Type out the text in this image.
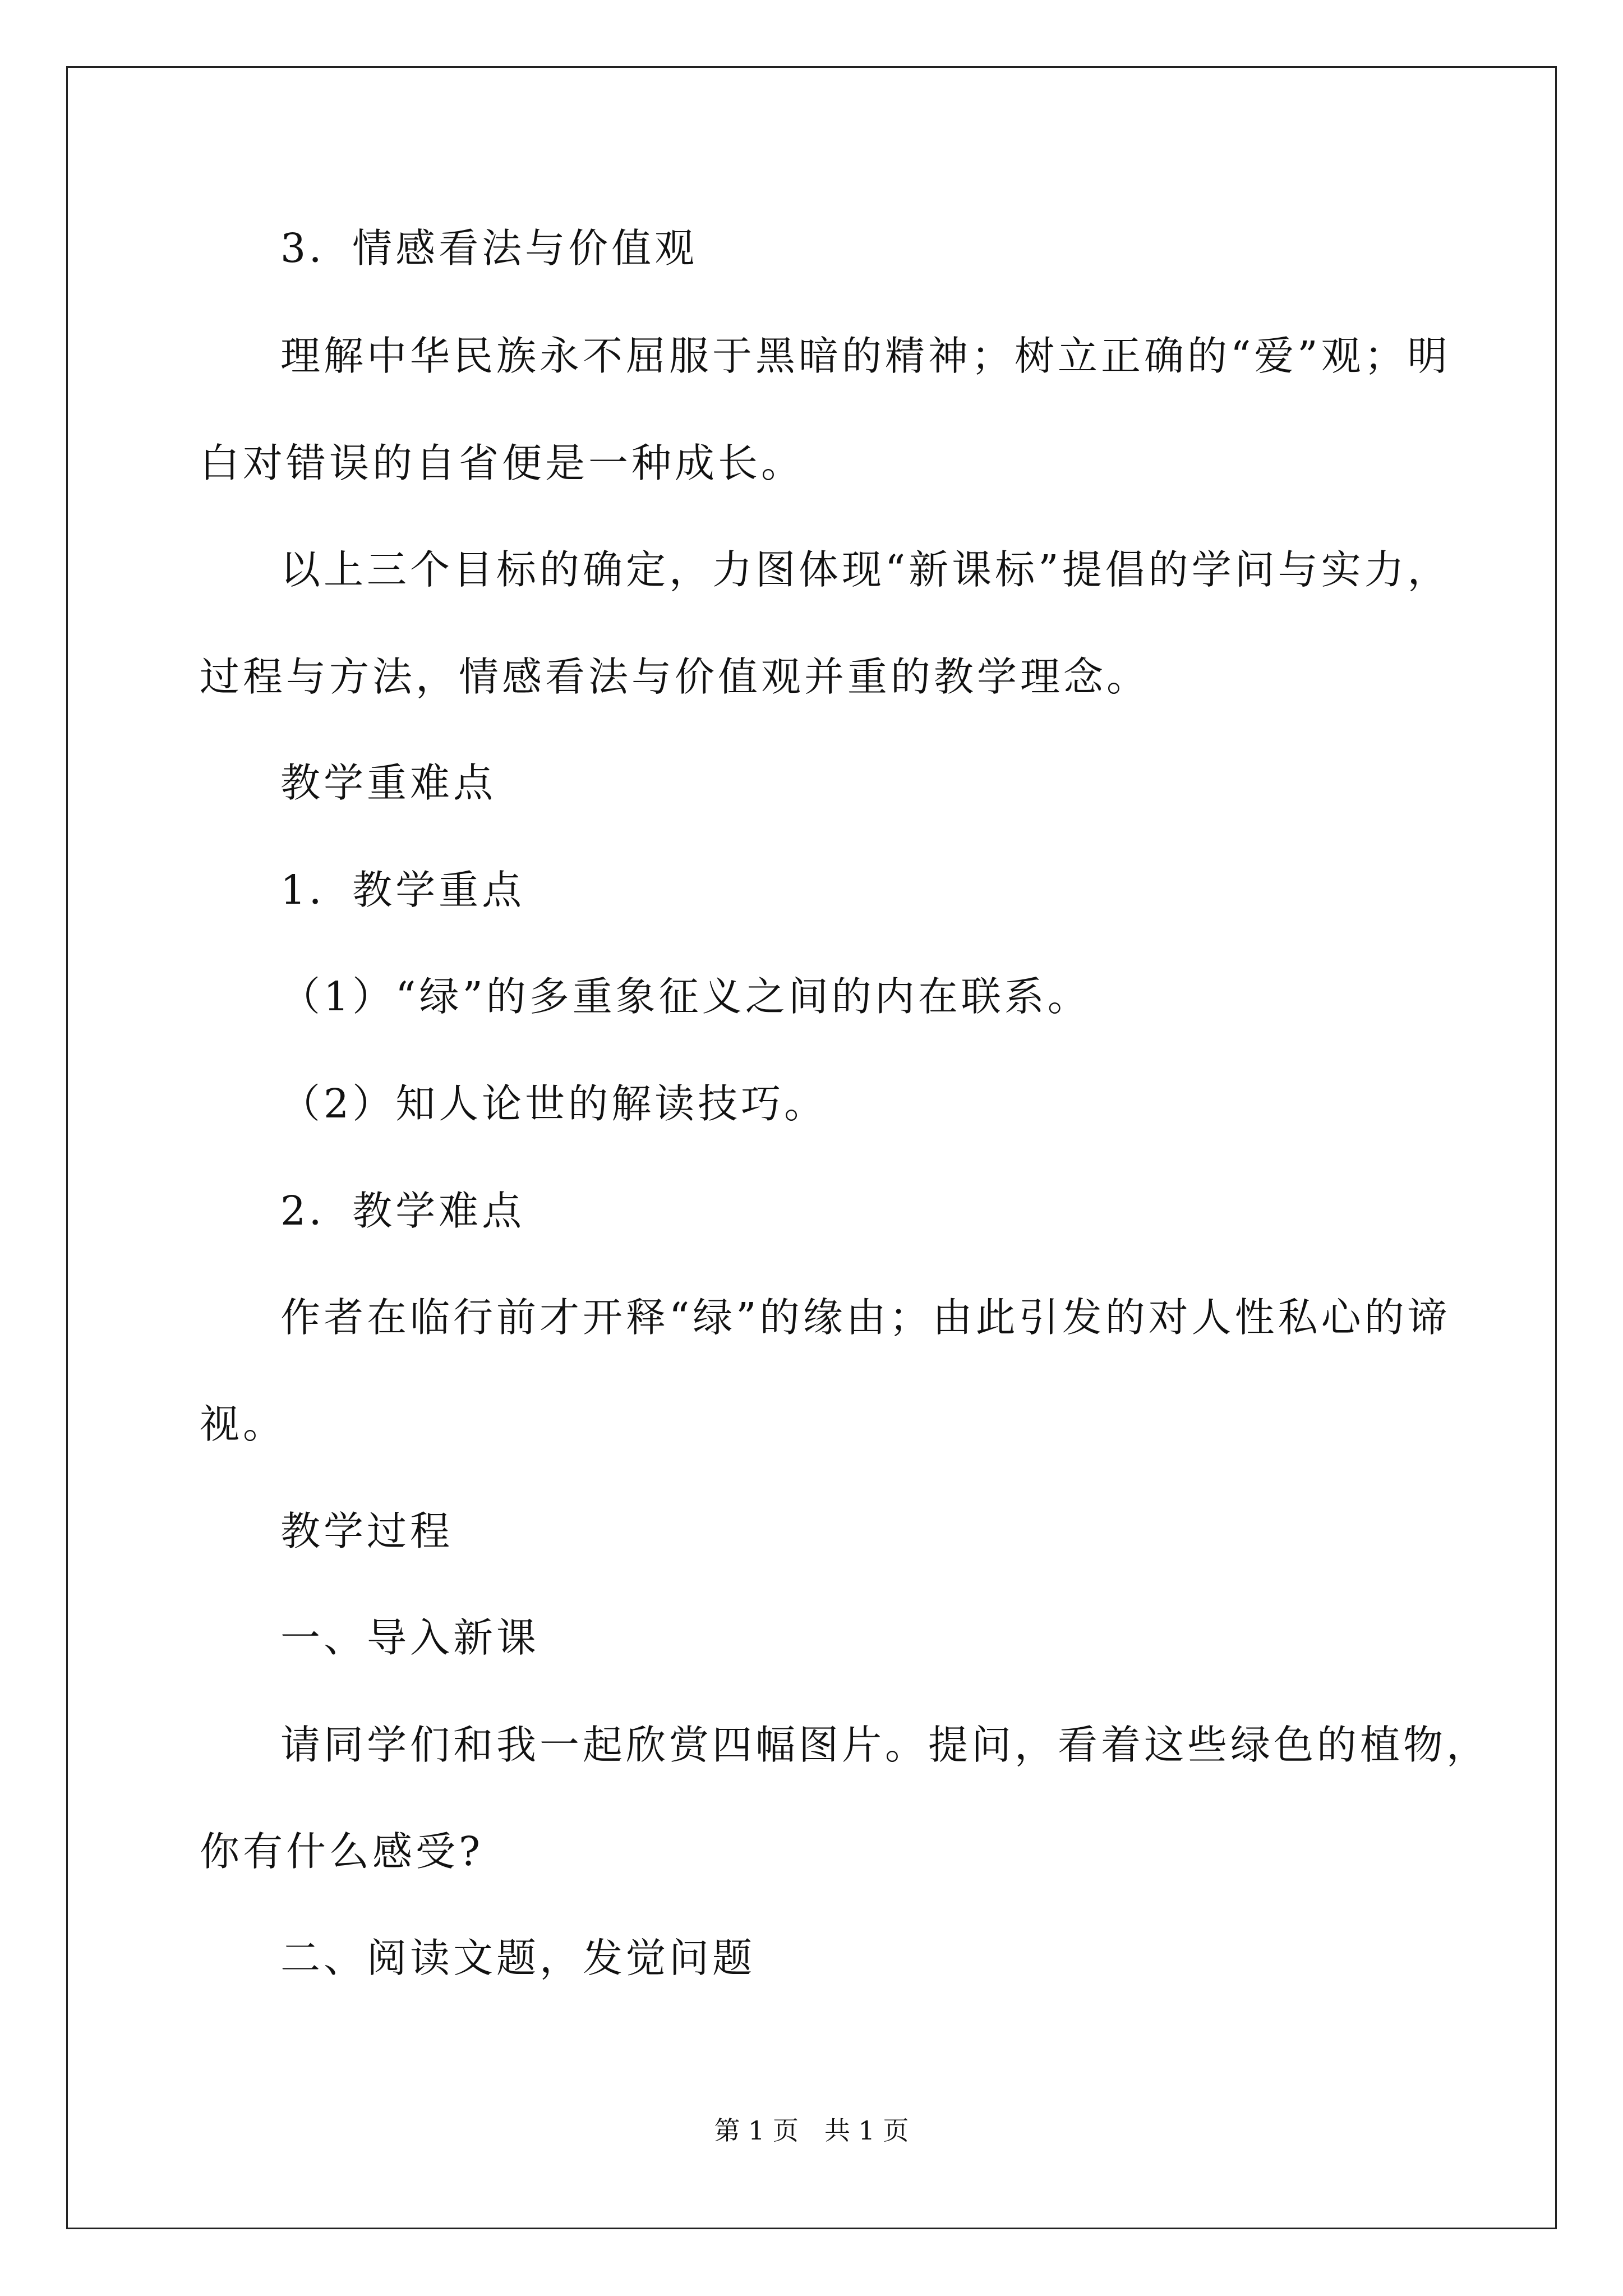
3．情感看法与价值观
理解中华民族永不屈服于黑暗的精神；树立正确的“爱”观；明
白对错误的自省便是一种成长。
以上三个目标的确定，力图体现“新课标”提倡的学问与实力，
过程与方法，情感看法与价值观并重的教学理念。
教学重难点
1．教学重点
（1）“绿”的多重象征义之间的内在联系。
（2）知人论世的解读技巧。
2．教学难点
作者在临行前才开释“绿”的缘由；由此引发的对人性私心的谛
视。
教学过程
一、导入新课
请同学们和我一起欣赏四幅图片。提问，看着这些绿色的植物，
你有什么感受?
二、阅读文题，发觉问题
第 1 页　共 1 页
